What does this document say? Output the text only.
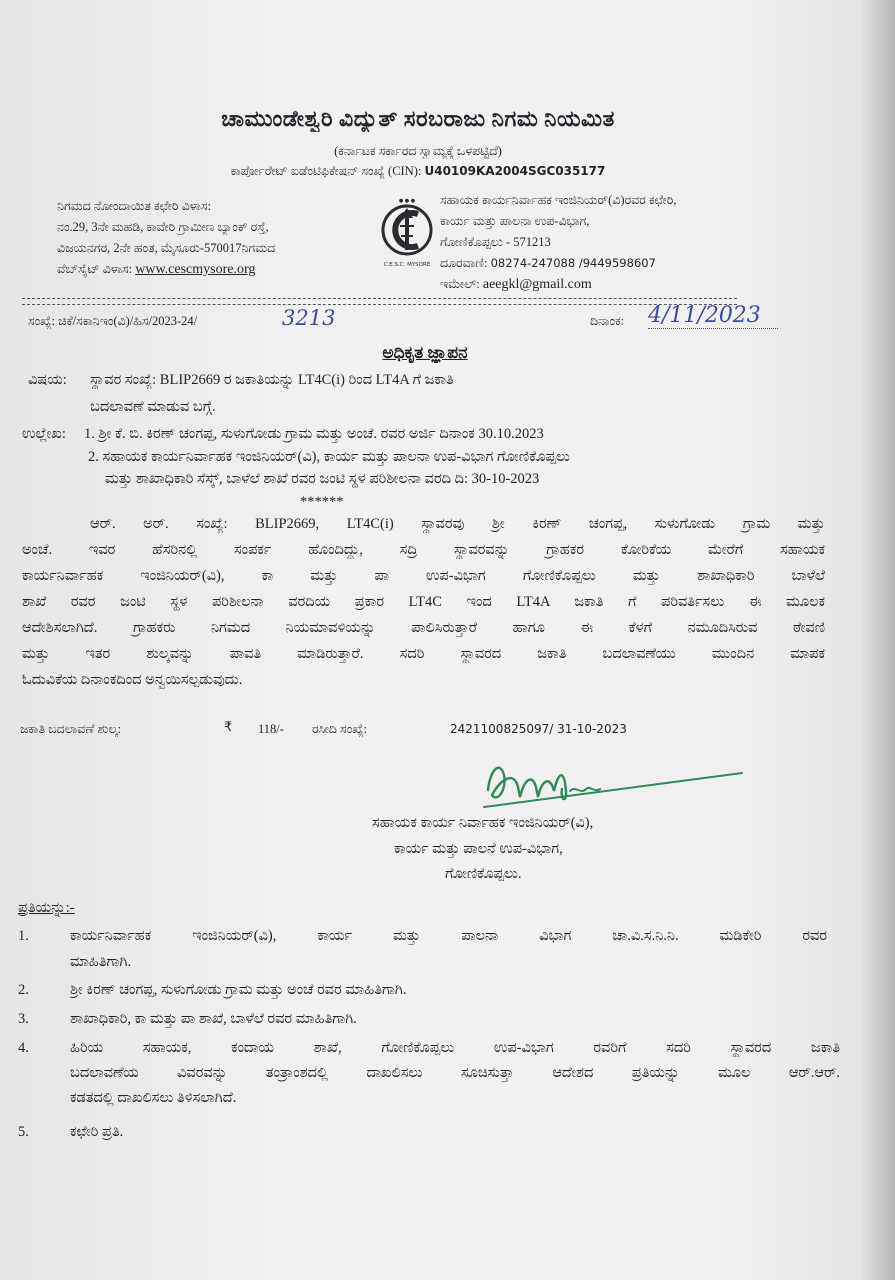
ಚಾಮುಂಡೇಶ್ವರಿ ವಿದ್ಯುತ್ ಸರಬರಾಜು ನಿಗಮ ನಿಯಮಿತ
(ಕರ್ನಾಟಕ ಸರ್ಕಾರದ ಸ್ವಾಮ್ಯಕ್ಕೆ ಒಳಪಟ್ಟಿದೆ)
ಕಾರ್ಪೋರೇಟ್ ಐಡೆಂಟಿಫಿಕೇಷನ್ ಸಂಖ್ಯೆ (CIN): U40109KA2004SGC035177
ನಿಗಮದ ನೋಂದಾಯಿತ ಕಛೇರಿ ವಿಳಾಸ:
ನಂ.29, 3ನೇ ಮಹಡಿ, ಕಾವೇರಿ ಗ್ರಾಮೀಣ ಬ್ಯಾಂಕ್ ರಸ್ತೆ,
ವಿಜಯನಗರ, 2ನೇ ಹಂತ, ಮೈಸೂರು-570017ನಿಗಮದ
ವೆಬ್‌ಸೈಟ್ ವಿಳಾಸ: www.cescmysore.org
● ● ●
C.E.S.C. MYSORE
ಸಹಾಯಕ ಕಾರ್ಯನಿರ್ವಾಹಕ ಇಂಜಿನಿಯರ್(ವಿ)ರವರ ಕಛೇರಿ,
ಕಾರ್ಯ ಮತ್ತು ಪಾಲನಾ ಉಪ-ವಿಭಾಗ,
ಗೋಣಿಕೊಪ್ಪಲು - 571213
ದೂರವಾಣಿ: 08274-247088 /9449598607
ಇಮೇಲ್: aeegkl@gmail.com
ಸಂಖ್ಯೆ: ಚಿಕೆ/ಸಕಾನಿಇಂ(ವಿ)/ಹಿಸ/2023-24/	3213	ದಿನಾಂಕ:	4/11/2023
ಅಧಿಕೃತ ಜ್ಞಾಪನ
ವಿಷಯ:	ಸ್ಥಾವರ ಸಂಖ್ಯೆ: BLIP2669 ರ ಜಕಾತಿಯನ್ನು LT4C(i) ರಿಂದ LT4A ಗೆ ಜಕಾತಿ
ಬದಲಾವಣೆ ಮಾಡುವ ಬಗ್ಗೆ.
ಉಲ್ಲೇಖ:	1. ಶ್ರೀ ಕೆ. ಬಿ. ಕಿರಣ್ ಚಂಗಪ್ಪ, ಸುಳುಗೋಡು ಗ್ರಾಮ ಮತ್ತು ಅಂಚೆ. ರವರ ಅರ್ಜಿ ದಿನಾಂಕ 30.10.2023
2. ಸಹಾಯಕ ಕಾರ್ಯನಿರ್ವಾಹಕ ಇಂಜಿನಿಯರ್(ವಿ), ಕಾರ್ಯ ಮತ್ತು ಪಾಲನಾ ಉಪ-ವಿಭಾಗ ಗೋಣಿಕೊಪ್ಪಲು
ಮತ್ತು ಶಾಖಾಧಿಕಾರಿ ಸೆಸ್ಕ್, ಬಾಳೆಲೆ ಶಾಖೆ ರವರ ಜಂಟಿ ಸ್ಥಳ ಪರಿಶೀಲನಾ ವರದಿ ದಿ: 30-10-2023
******
ಆರ್. ಅರ್. ಸಂಖ್ಯೆ: BLIP2669, LT4C(i) ಸ್ಥಾವರವು ಶ್ರೀ ಕಿರಣ್ ಚಂಗಪ್ಪ, ಸುಳುಗೋಡು ಗ್ರಾಮ ಮತ್ತು
ಅಂಚೆ. ಇವರ ಹೆಸರಿನಲ್ಲಿ ಸಂಪರ್ಕ ಹೊಂದಿದ್ದು, ಸದ್ರಿ ಸ್ಥಾವರವನ್ನು ಗ್ರಾಹಕರ ಕೋರಿಕೆಯ ಮೇರೆಗೆ ಸಹಾಯಕ
ಕಾರ್ಯನಿರ್ವಾಹಕ ಇಂಜಿನಿಯರ್(ವಿ), ಕಾ ಮತ್ತು ಪಾ ಉಪ-ವಿಭಾಗ ಗೋಣಿಕೊಪ್ಪಲು ಮತ್ತು ಶಾಖಾಧಿಕಾರಿ ಬಾಳೆಲೆ
ಶಾಖೆ ರವರ ಜಂಟಿ ಸ್ಥಳ ಪರಿಶೀಲನಾ ವರದಿಯ ಪ್ರಕಾರ LT4C ಇಂದ LT4A ಜಕಾತಿ ಗೆ ಪರಿವರ್ತಿಸಲು ಈ ಮೂಲಕ
ಆದೇಶಿಸಲಾಗಿದೆ. ಗ್ರಾಹಕರು ನಿಗಮದ ನಿಯಮಾವಳಿಯನ್ನು ಪಾಲಿಸಿರುತ್ತಾರೆ ಹಾಗೂ ಈ ಕೆಳಗೆ ನಮೂದಿಸಿರುವ ಠೇವಣಿ
ಮತ್ತು ಇತರ ಶುಲ್ಕವನ್ನು ಪಾವತಿ ಮಾಡಿರುತ್ತಾರೆ. ಸದರಿ ಸ್ಥಾವರದ ಜಕಾತಿ ಬದಲಾವಣೆಯು ಮುಂದಿನ ಮಾಪಕ
ಓದುವಿಕೆಯ ದಿನಾಂಕದಿಂದ ಅನ್ವಯಿಸಲ್ಪಡುವುದು.
ಜಕಾತಿ ಬದಲಾವಣೆ ಶುಲ್ಕ:	₹	118/-	ರಸೀದಿ ಸಂಖ್ಯೆ:	2421100825097/ 31-10-2023
ಸಹಾಯಕ ಕಾರ್ಯ ನಿರ್ವಾಹಕ ಇಂಜಿನಿಯರ್(ವಿ),
ಕಾರ್ಯ ಮತ್ತು ಪಾಲನೆ ಉಪ-ವಿಭಾಗ,
ಗೋಣಿಕೊಪ್ಪಲು.
ಪ್ರತಿಯನ್ನು:-
1.	ಕಾರ್ಯನಿರ್ವಾಹಕ ಇಂಜಿನಿಯರ್(ವಿ), ಕಾರ್ಯ ಮತ್ತು ಪಾಲನಾ ವಿಭಾಗ ಚಾ.ವಿ.ಸ.ನಿ.ನಿ. ಮಡಿಕೇರಿ ರವರ
ಮಾಹಿತಿಗಾಗಿ.
2.	ಶ್ರೀ ಕಿರಣ್ ಚಂಗಪ್ಪ, ಸುಳುಗೋಡು ಗ್ರಾಮ ಮತ್ತು ಅಂಚೆ ರವರ ಮಾಹಿತಿಗಾಗಿ.
3.	ಶಾಖಾಧಿಕಾರಿ, ಕಾ ಮತ್ತು ಪಾ ಶಾಖೆ, ಬಾಳೆಲೆ ರವರ ಮಾಹಿತಿಗಾಗಿ.
4.	ಹಿರಿಯ ಸಹಾಯಕ, ಕಂದಾಯ ಶಾಖೆ, ಗೋಣಿಕೊಪ್ಪಲು ಉಪ-ವಿಭಾಗ ರವರಿಗೆ ಸದರಿ ಸ್ಥಾವರದ ಜಕಾತಿ
ಬದಲಾವಣೆಯ ವಿವರವನ್ನು ತಂತ್ರಾಂಶದಲ್ಲಿ ದಾಖಲಿಸಲು ಸೂಚಿಸುತ್ತಾ ಆದೇಶದ ಪ್ರತಿಯನ್ನು ಮೂಲ ಆರ್.ಆರ್.
ಕಡತದಲ್ಲಿ ದಾಖಲಿಸಲು ತಿಳಿಸಲಾಗಿದೆ.
5.	ಕಛೇರಿ ಪ್ರತಿ.
